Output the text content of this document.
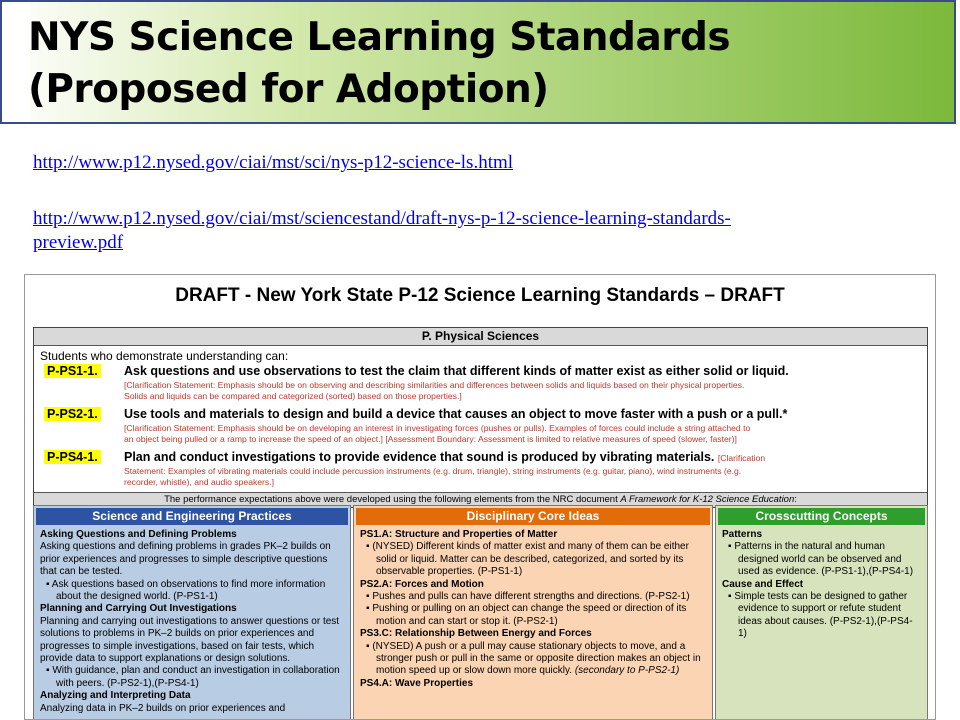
NYS Science Learning Standards
(Proposed for Adoption)
http://www.p12.nysed.gov/ciai/mst/sci/nys-p12-science-ls.html
http://www.p12.nysed.gov/ciai/mst/sciencestand/draft-nys-p-12-science-learning-standards-
preview.pdf
DRAFT - New York State P-12 Science Learning Standards – DRAFT
P. Physical Sciences
Students who demonstrate understanding can:
P-PS1-1. Ask questions and use observations to test the claim that different kinds of matter exist as either solid or liquid.
[Clarification Statement: Emphasis should be on observing and describing similarities and differences between solids and liquids based on their physical properties.
Solids and liquids can be compared and categorized (sorted) based on those properties.]
P-PS2-1. Use tools and materials to design and build a device that causes an object to move faster with a push or a pull.*
[Clarification Statement: Emphasis should be on developing an interest in investigating forces (pushes or pulls). Examples of forces could include a string attached to
an object being pulled or a ramp to increase the speed of an object.] [Assessment Boundary: Assessment is limited to relative measures of speed (slower, faster)]
P-PS4-1. Plan and conduct investigations to provide evidence that sound is produced by vibrating materials. [Clarification
Statement: Examples of vibrating materials could include percussion instruments (e.g. drum, triangle), string instruments (e.g. guitar, piano), wind instruments (e.g.
recorder, whistle), and audio speakers.]
The performance expectations above were developed using the following elements from the NRC document A Framework for K-12 Science Education:
Science and Engineering Practices
Asking Questions and Defining Problems
Asking questions and defining problems in grades PK–2 builds on prior experiences and progresses to simple descriptive questions that can be tested.
▪ Ask questions based on observations to find more information about the designed world. (P-PS1-1)
Planning and Carrying Out Investigations
Planning and carrying out investigations to answer questions or test solutions to problems in PK–2 builds on prior experiences and progresses to simple investigations, based on fair tests, which provide data to support explanations or design solutions.
▪ With guidance, plan and conduct an investigation in collaboration with peers. (P-PS2-1),(P-PS4-1)
Analyzing and Interpreting Data
Analyzing data in PK–2 builds on prior experiences and
Disciplinary Core Ideas
PS1.A: Structure and Properties of Matter
▪ (NYSED) Different kinds of matter exist and many of them can be either solid or liquid. Matter can be described, categorized, and sorted by its observable properties. (P-PS1-1)
PS2.A: Forces and Motion
▪ Pushes and pulls can have different strengths and directions. (P-PS2-1)
▪ Pushing or pulling on an object can change the speed or direction of its motion and can start or stop it. (P-PS2-1)
PS3.C: Relationship Between Energy and Forces
▪ (NYSED) A push or a pull may cause stationary objects to move, and a stronger push or pull in the same or opposite direction makes an object in motion speed up or slow down more quickly. (secondary to P-PS2-1)
PS4.A: Wave Properties
Crosscutting Concepts
Patterns
▪ Patterns in the natural and human designed world can be observed and used as evidence. (P-PS1-1),(P-PS4-1)
Cause and Effect
▪ Simple tests can be designed to gather evidence to support or refute student ideas about causes. (P-PS2-1),(P-PS4-1)
